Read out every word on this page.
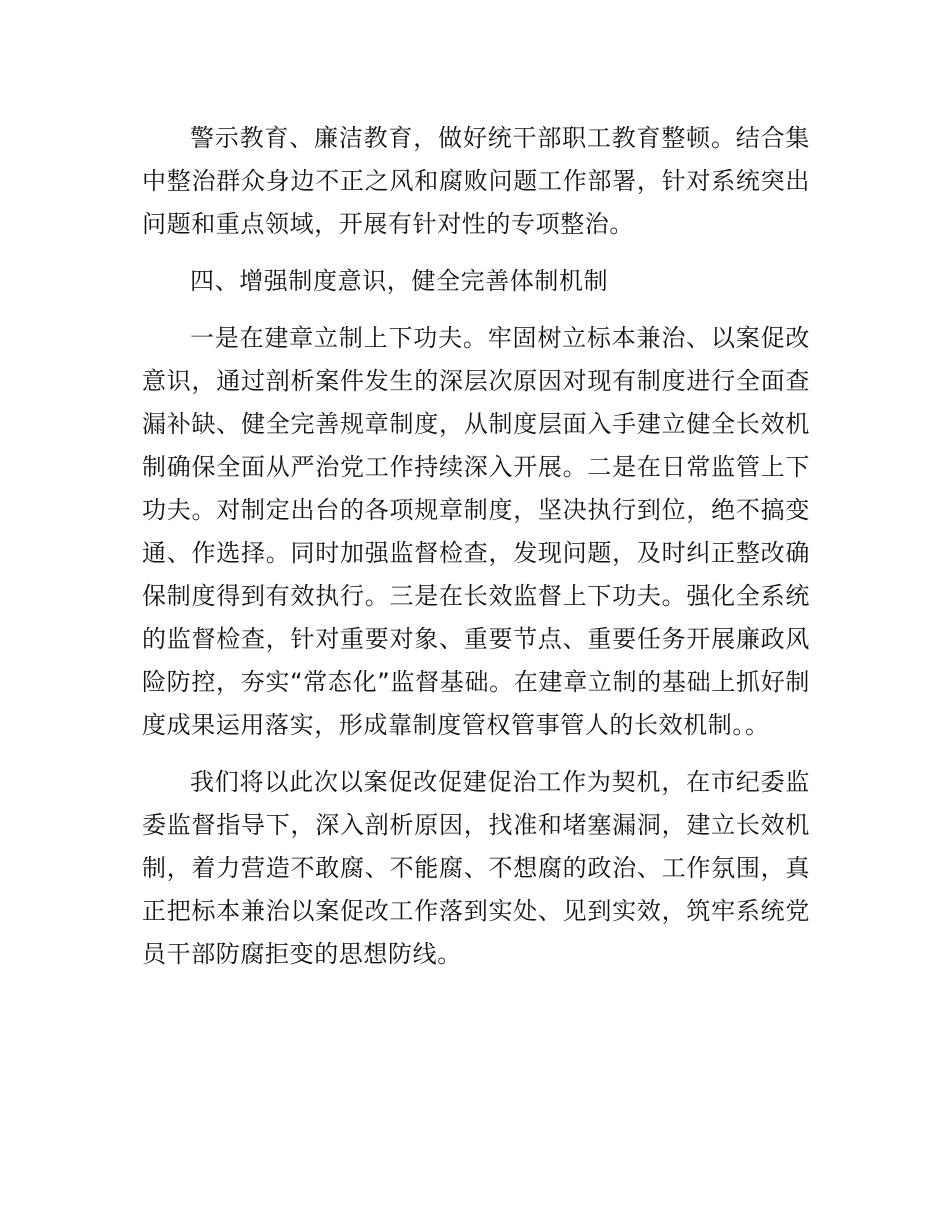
警示教育、廉洁教育，做好统干部职工教育整顿。结合集中整治群众身边不正之风和腐败问题工作部署，针对系统突出问题和重点领域，开展有针对性的专项整治。

四、增强制度意识，健全完善体制机制

一是在建章立制上下功夫。牢固树立标本兼治、以案促改意识，通过剖析案件发生的深层次原因对现有制度进行全面查漏补缺、健全完善规章制度，从制度层面入手建立健全长效机制确保全面从严治党工作持续深入开展。二是在日常监管上下功夫。对制定出台的各项规章制度，坚决执行到位，绝不搞变通、作选择。同时加强监督检查，发现问题，及时纠正整改确保制度得到有效执行。三是在长效监督上下功夫。强化全系统的监督检查，针对重要对象、重要节点、重要任务开展廉政风险防控，夯实“常态化”监督基础。在建章立制的基础上抓好制度成果运用落实，形成靠制度管权管事管人的长效机制。。

我们将以此次以案促改促建促治工作为契机，在市纪委监委监督指导下，深入剖析原因，找准和堵塞漏洞，建立长效机制，着力营造不敢腐、不能腐、不想腐的政治、工作氛围，真正把标本兼治以案促改工作落到实处、见到实效，筑牢系统党员干部防腐拒变的思想防线。
